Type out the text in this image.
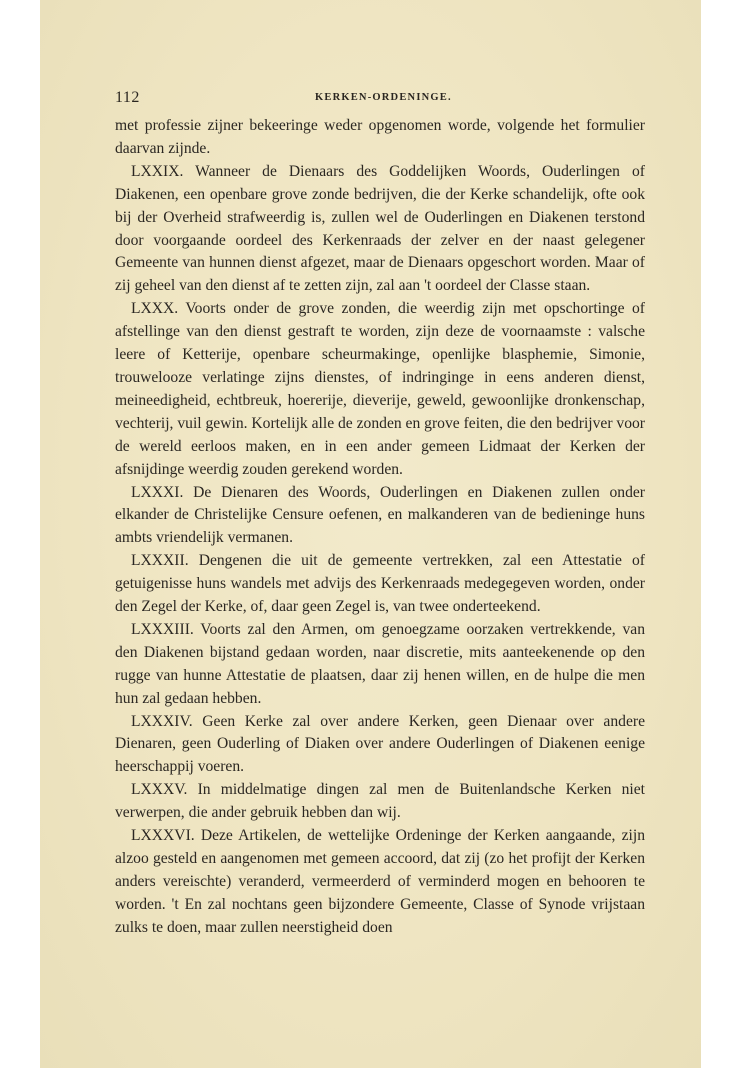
112	KERKEN-ORDENINGE.

met professie zijner bekeeringe weder opgenomen worde, volgende het formulier daarvan zijnde.

LXXIX. Wanneer de Dienaars des Goddelijken Woords, Ouderlingen of Diakenen, een openbare grove zonde bedrijven, die der Kerke schandelijk, ofte ook bij der Overheid strafweerdig is, zullen wel de Ouderlingen en Diakenen terstond door voorgaande oordeel des Kerkenraads der zelver en der naast gelegener Gemeente van hunnen dienst afgezet, maar de Dienaars opgeschort worden. Maar of zij geheel van den dienst af te zetten zijn, zal aan 't oordeel der Classe staan.

LXXX. Voorts onder de grove zonden, die weerdig zijn met opschortinge of afstellinge van den dienst gestraft te worden, zijn deze de voornaamste : valsche leere of Ketterije, openbare scheurmakinge, openlijke blasphemie, Simonie, trouwelooze verlatinge zijns dienstes, of indringinge in eens anderen dienst, meineedigheid, echtbreuk, hoererije, dieverije, geweld, gewoonlijke dronkenschap, vechterij, vuil gewin. Kortelijk alle de zonden en grove feiten, die den bedrijver voor de wereld eerloos maken, en in een ander gemeen Lidmaat der Kerken der afsnijdinge weerdig zouden gerekend worden.

LXXXI. De Dienaren des Woords, Ouderlingen en Diakenen zullen onder elkander de Christelijke Censure oefenen, en malkanderen van de bedieninge huns ambts vriendelijk vermanen.

LXXXII. Dengenen die uit de gemeente vertrekken, zal een Attestatie of getuigenisse huns wandels met advijs des Kerkenraads medegegeven worden, onder den Zegel der Kerke, of, daar geen Zegel is, van twee onderteekend.

LXXXIII. Voorts zal den Armen, om genoegzame oorzaken vertrekkende, van den Diakenen bijstand gedaan worden, naar discretie, mits aanteekenende op den rugge van hunne Attestatie de plaatsen, daar zij henen willen, en de hulpe die men hun zal gedaan hebben.

LXXXIV. Geen Kerke zal over andere Kerken, geen Dienaar over andere Dienaren, geen Ouderling of Diaken over andere Ouderlingen of Diakenen eenige heerschappij voeren.

LXXXV. In middelmatige dingen zal men de Buitenlandsche Kerken niet verwerpen, die ander gebruik hebben dan wij.

LXXXVI. Deze Artikelen, de wettelijke Ordeninge der Kerken aangaande, zijn alzoo gesteld en aangenomen met gemeen accoord, dat zij (zo het profijt der Kerken anders vereischte) veranderd, vermeerderd of verminderd mogen en behooren te worden. 't En zal nochtans geen bijzondere Gemeente, Classe of Synode vrijstaan zulks te doen, maar zullen neerstigheid doen
